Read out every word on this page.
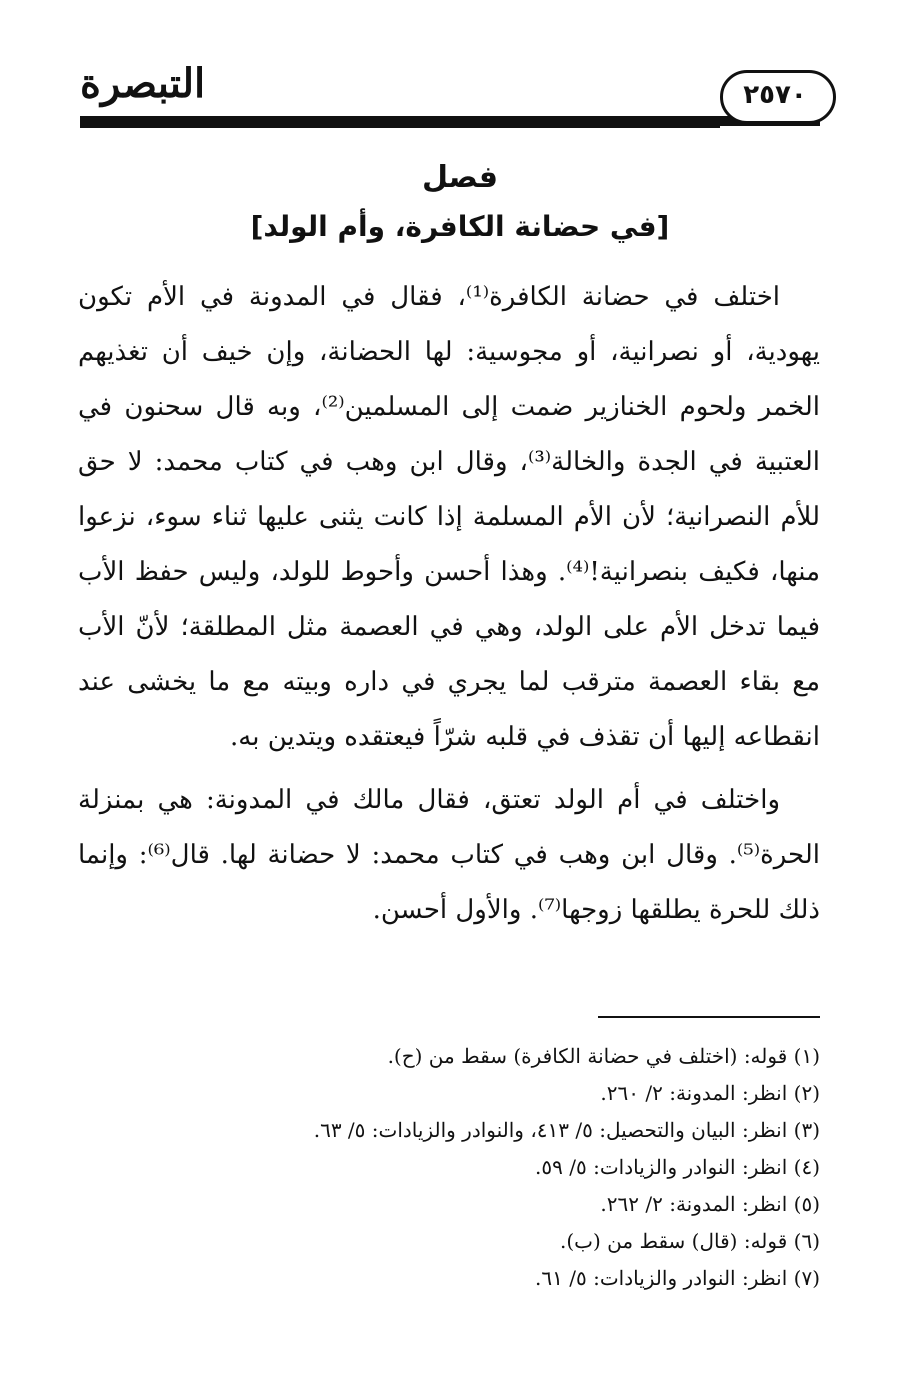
التبصرة	٢٥٧٠
فصل
[في حضانة الكافرة، وأم الولد]

اختلف في حضانة الكافرة⁽¹⁾، فقال في المدونة في الأم تكون يهودية، أو نصرانية، أو مجوسية: لها الحضانة، وإن خيف أن تغذيهم الخمر ولحوم الخنازير ضمت إلى المسلمين⁽²⁾، وبه قال سحنون في العتبية في الجدة والخالة⁽³⁾، وقال ابن وهب في كتاب محمد: لا حق للأم النصرانية؛ لأن الأم المسلمة إذا كانت يثنى عليها ثناء سوء، نزعوا منها، فكيف بنصرانية!⁽⁴⁾. وهذا أحسن وأحوط للولد، وليس حفظ الأب فيما تدخل الأم على الولد، وهي في العصمة مثل المطلقة؛ لأنّ الأب مع بقاء العصمة مترقب لما يجري في داره وبيته مع ما يخشى عند انقطاعه إليها أن تقذف في قلبه شرّاً فيعتقده ويتدين به.

واختلف في أم الولد تعتق، فقال مالك في المدونة: هي بمنزلة الحرة⁽⁵⁾. وقال ابن وهب في كتاب محمد: لا حضانة لها. قال⁽⁶⁾: وإنما ذلك للحرة يطلقها زوجها⁽⁷⁾. والأول أحسن.

(١) قوله: (اختلف في حضانة الكافرة) سقط من (ح).
(٢) انظر: المدونة: ٢/ ٢٦٠.
(٣) انظر: البيان والتحصيل: ٥/ ٤١٣، والنوادر والزيادات: ٥/ ٦٣.
(٤) انظر: النوادر والزيادات: ٥/ ٥٩.
(٥) انظر: المدونة: ٢/ ٢٦٢.
(٦) قوله: (قال) سقط من (ب).
(٧) انظر: النوادر والزيادات: ٥/ ٦١.
